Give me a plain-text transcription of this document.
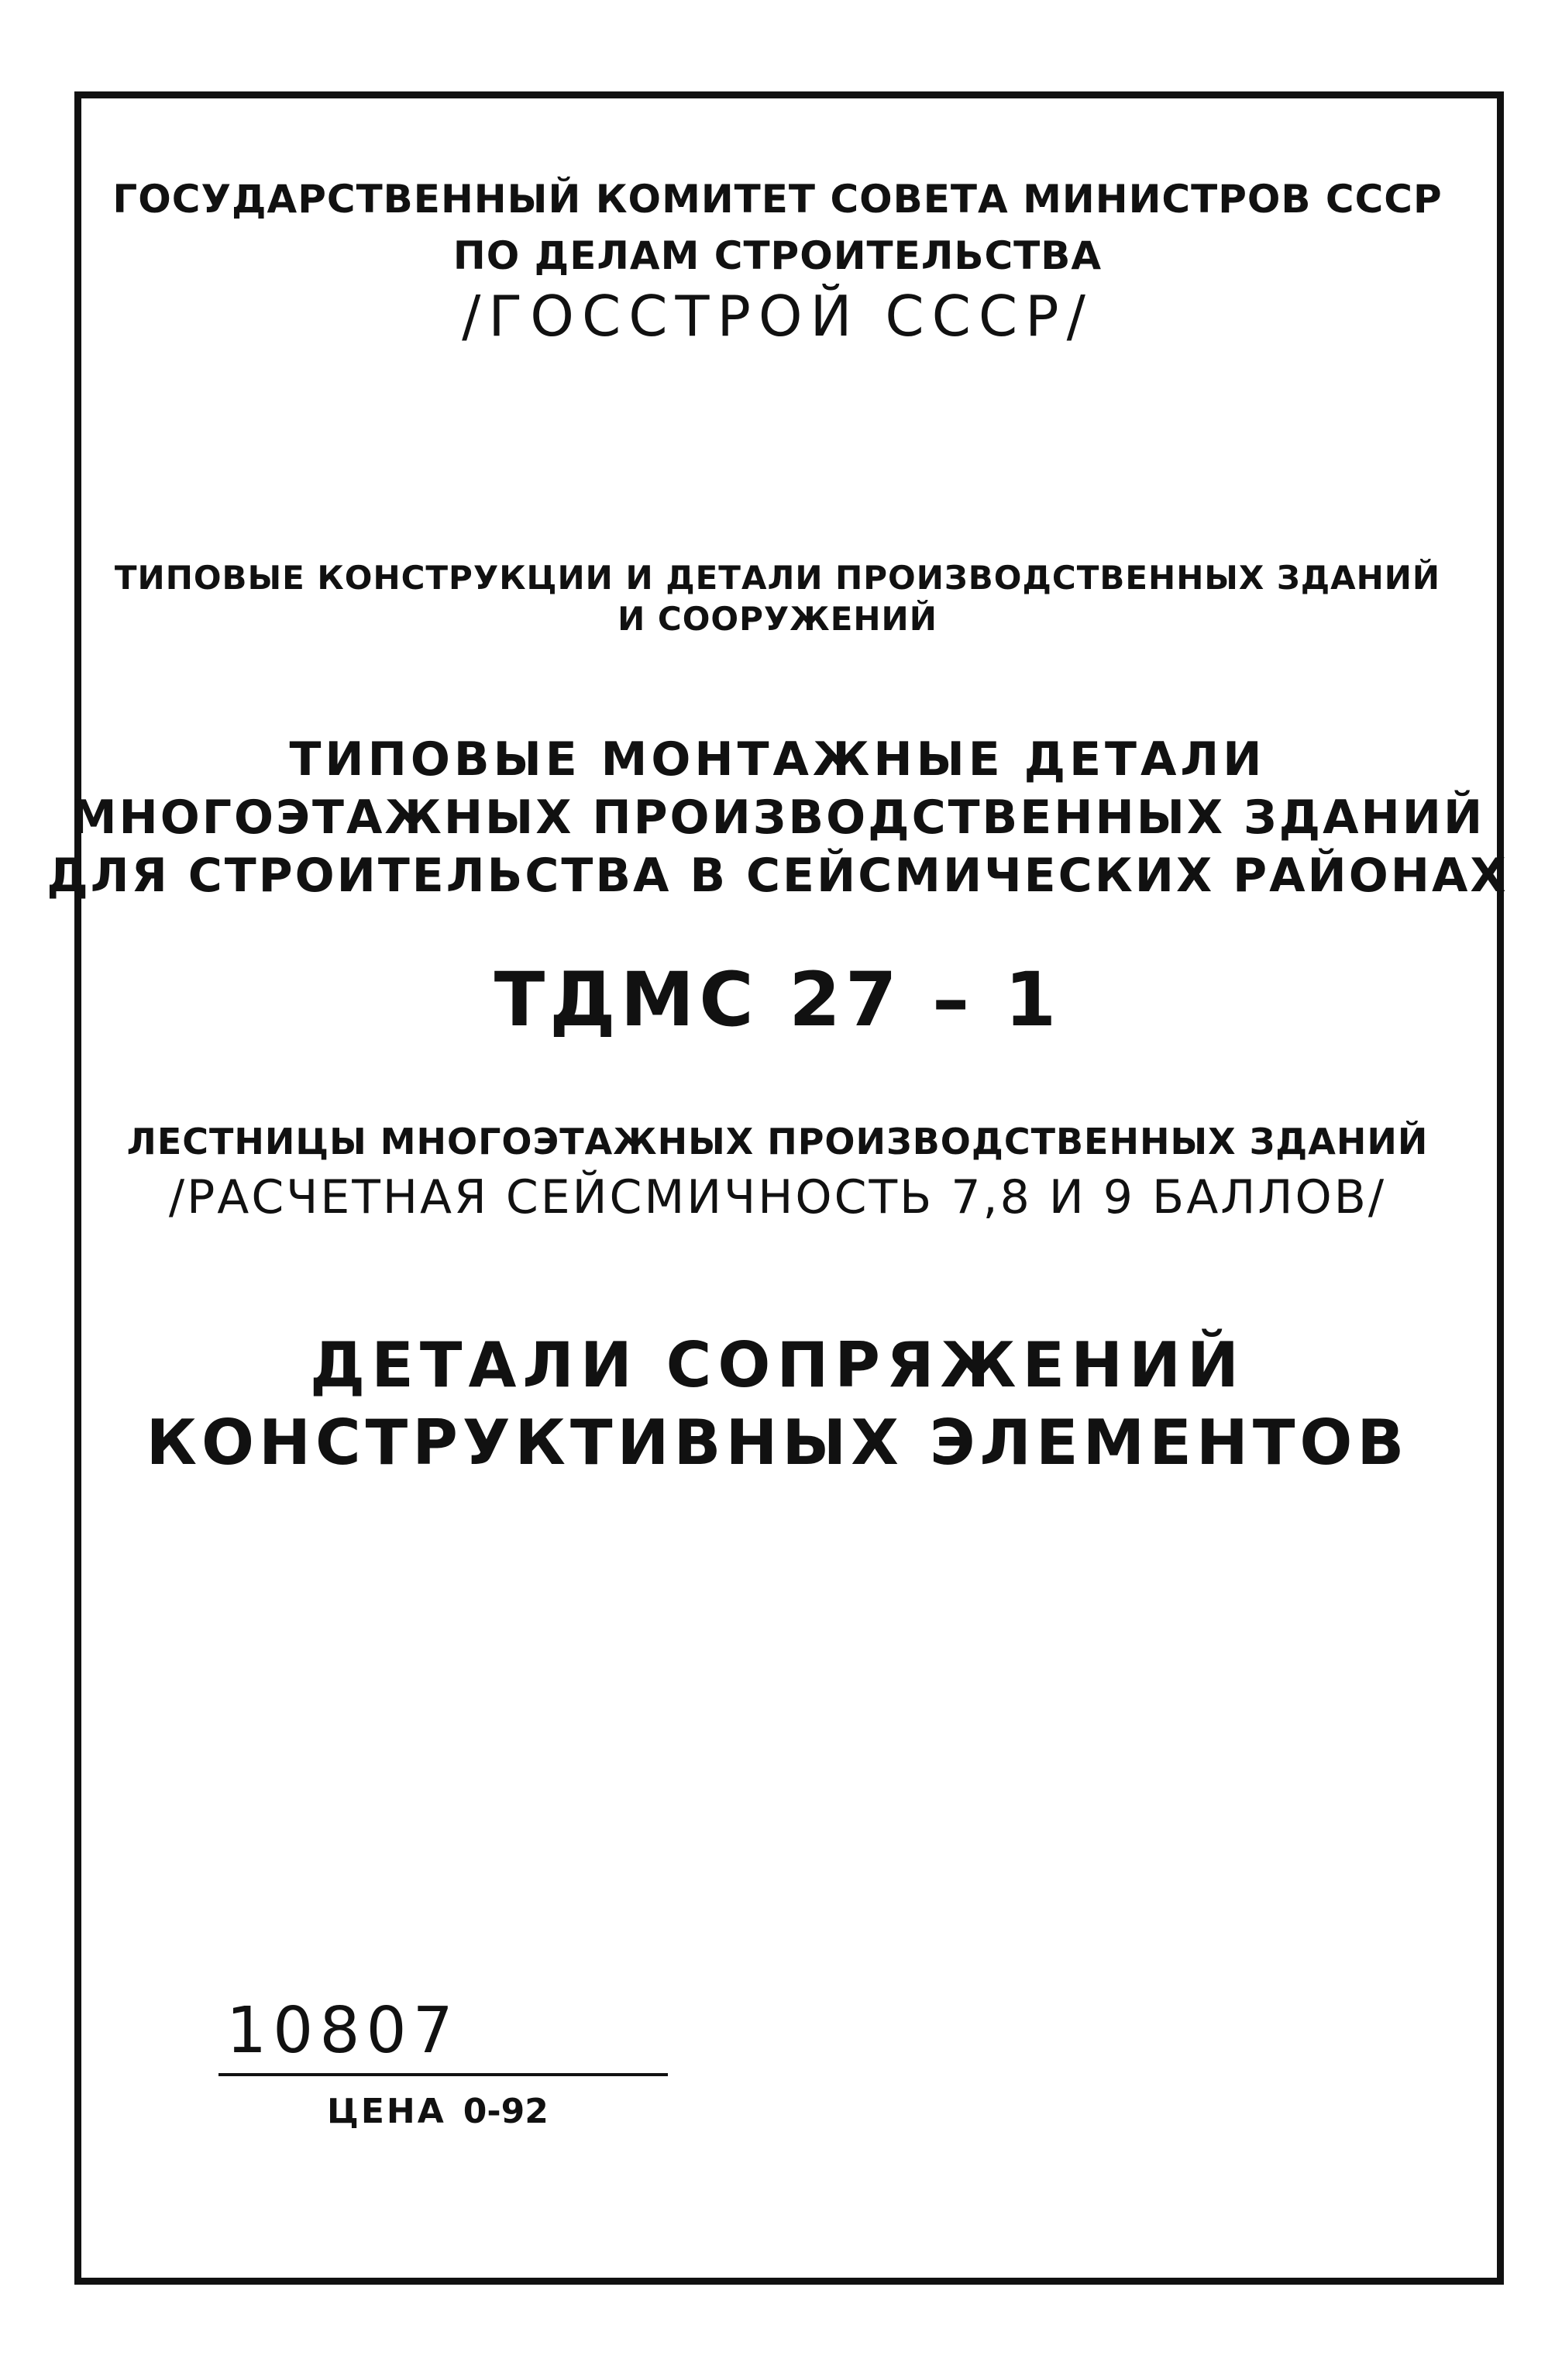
ГОСУДАРСТВЕННЫЙ КОМИТЕТ СОВЕТА МИНИСТРОВ СССР
ПО ДЕЛАМ СТРОИТЕЛЬСТВА
/ГОССТРОЙ СССР/
ТИПОВЫЕ КОНСТРУКЦИИ И ДЕТАЛИ ПРОИЗВОДСТВЕННЫХ ЗДАНИЙ
И СООРУЖЕНИЙ
ТИПОВЫЕ МОНТАЖНЫЕ ДЕТАЛИ
МНОГОЭТАЖНЫХ ПРОИЗВОДСТВЕННЫХ ЗДАНИЙ
ДЛЯ СТРОИТЕЛЬСТВА В СЕЙСМИЧЕСКИХ РАЙОНАХ
ТДМС 27 – 1
ЛЕСТНИЦЫ МНОГОЭТАЖНЫХ ПРОИЗВОДСТВЕННЫХ ЗДАНИЙ
/РАСЧЕТНАЯ СЕЙСМИЧНОСТЬ 7,8 И 9 БАЛЛОВ/
ДЕТАЛИ СОПРЯЖЕНИЙ
КОНСТРУКТИВНЫХ ЭЛЕМЕНТОВ
10807
ЦЕНА 0-92
